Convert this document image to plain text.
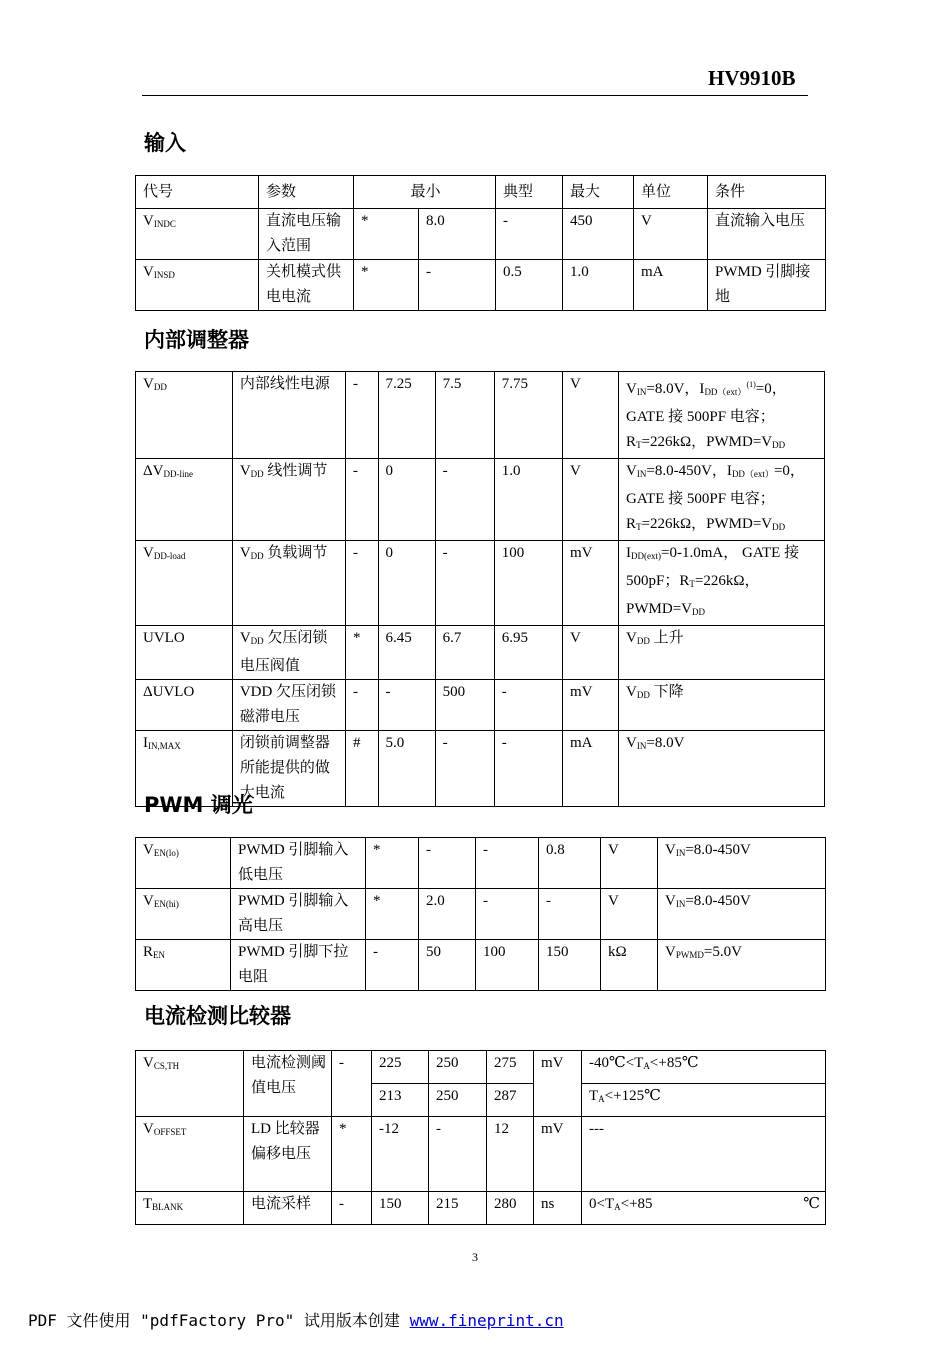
HV9910B
输入
代号	参数	最小		典型	最大	单位	条件
$V_{INDC}$	直流电压输入范围	*	8.0	-	450	V	直流输入电压
$V_{INSD}$	关机模式供电电流	*	-	0.5	1.0	mA	PWMD 引脚接地
内部调整器
$V_{DD}$	内部线性电源	-	7.25	7.5	7.75	V	$V_{IN}=8.0V$，$I_{DD(ext)}^{(1)}=0$，GATE 接 500PF 电容；$R_T=226k\Omega$，$PWMD=V_{DD}$
$\Delta V_{DD-line}$	$V_{DD}$ 线性调节	-	0	-	1.0	V	$V_{IN}=8.0-450V$，$I_{DD(ext)}=0$，GATE 接 500PF 电容；$R_T=226k\Omega$，$PWMD=V_{DD}$
$V_{DD-load}$	$V_{DD}$ 负载调节	-	0	-	100	mV	$I_{DD(ext)}=0-1.0mA$， GATE 接 500pF；$R_T=226k\Omega$，$PWMD=V_{DD}$
UVLO	$V_{DD}$ 欠压闭锁电压阀值	*	6.45	6.7	6.95	V	$V_{DD}$ 上升
ΔUVLO	VDD 欠压闭锁磁滞电压	-	-	500	-	mV	$V_{DD}$ 下降
$I_{IN,MAX}$	闭锁前调整器所能提供的做大电流	#	5.0	-	-	mA	$V_{IN}=8.0V$
PWM 调光
$V_{EN(lo)}$	PWMD 引脚输入低电压	*	-	-	0.8	V	$V_{IN}=8.0-450V$
$V_{EN(hi)}$	PWMD 引脚输入高电压	*	2.0	-	-	V	$V_{IN}=8.0-450V$
$R_{EN}$	PWMD 引脚下拉电阻	-	50	100	150	kΩ	$V_{PWMD}=5.0V$
电流检测比较器
$V_{CS,TH}$	电流检测阈值电压	-	225	250	275	mV	$-40℃<T_A<+85℃$
			213	250	287		$T_A<+125℃$
$V_{OFFSET}$	LD 比较器偏移电压	*	-12	-	12	mV	---
$T_{BLANK}$	电流采样	-	150	215	280	ns	$0<T_A<+85$ ℃
3
PDF 文件使用 "pdfFactory Pro" 试用版本创建 www.fineprint.cn
